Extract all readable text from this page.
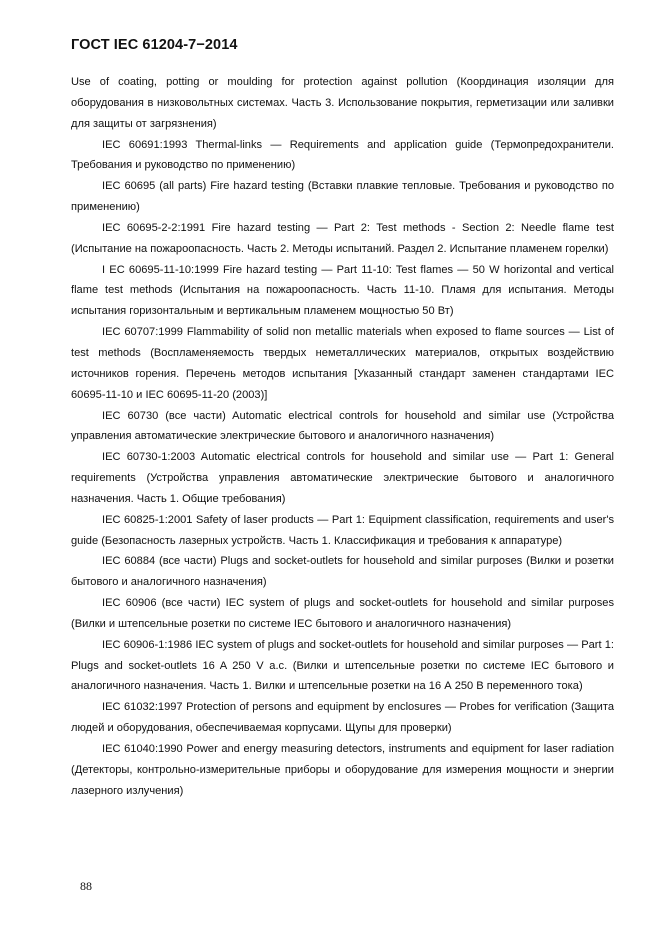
ГОСТ IEC 61204-7−2014

Use of coating, potting or moulding for protection against pollution (Координация изоляции для оборудования в низковольтных системах. Часть 3. Использование покрытия, герметизации или заливки для защиты от загрязнения)

IEC 60691:1993 Thermal-links — Requirements and application guide (Термопредохранители. Требования и руководство по применению)

IEC 60695 (all parts) Fire hazard testing (Вставки плавкие тепловые. Требования и руководство по применению)

IEC 60695-2-2:1991 Fire hazard testing — Part 2: Test methods - Section 2: Needle flame test (Испытание на пожароопасность. Часть 2. Методы испытаний. Раздел 2. Испытание пламенем горелки)

I EC 60695-11-10:1999 Fire hazard testing — Part 11-10: Test flames — 50 W horizontal and vertical flame test methods (Испытания на пожароопасность. Часть 11-10. Пламя для испытания. Методы испытания горизонтальным и вертикальным пламенем мощностью 50 Вт)

IEC 60707:1999 Flammability of solid non metallic materials when exposed to flame sources — List of test methods (Воспламеняемость твердых неметаллических материалов, открытых воздействию источников горения. Перечень методов испытания [Указанный стандарт заменен стандартами IEC 60695-11-10 и IEC 60695-11-20 (2003)]

IEC 60730 (все части) Automatic electrical controls for household and similar use (Устройства управления автоматические электрические бытового и аналогичного назначения)

IEC 60730-1:2003 Automatic electrical controls for household and similar use — Part 1: General requirements (Устройства управления автоматические электрические бытового и аналогичного назначения. Часть 1. Общие требования)

IEC 60825-1:2001 Safety of laser products — Part 1: Equipment classification, requirements and user's guide (Безопасность лазерных устройств. Часть 1. Классификация и требования к аппаратуре)

IEC 60884 (все части) Plugs and socket-outlets for household and similar purposes (Вилки и розетки бытового и аналогичного назначения)

IEC 60906 (все части) IEC system of plugs and socket-outlets for household and similar purposes (Вилки и штепсельные розетки по системе IEC бытового и аналогичного назначения)

IEC 60906-1:1986 IEC system of plugs and socket-outlets for household and similar purposes — Part 1: Plugs and socket-outlets 16 A 250 V a.c. (Вилки и штепсельные розетки по системе IEC бытового и аналогичного назначения. Часть 1. Вилки и штепсельные розетки на 16 А 250 В переменного тока)

IEC 61032:1997 Protection of persons and equipment by enclosures — Probes for verification (Защита людей и оборудования, обеспечиваемая корпусами. Щупы для проверки)

IEC 61040:1990 Power and energy measuring detectors, instruments and equipment for laser radiation (Детекторы, контрольно-измерительные приборы и оборудование для измерения мощности и энергии лазерного излучения)

88
